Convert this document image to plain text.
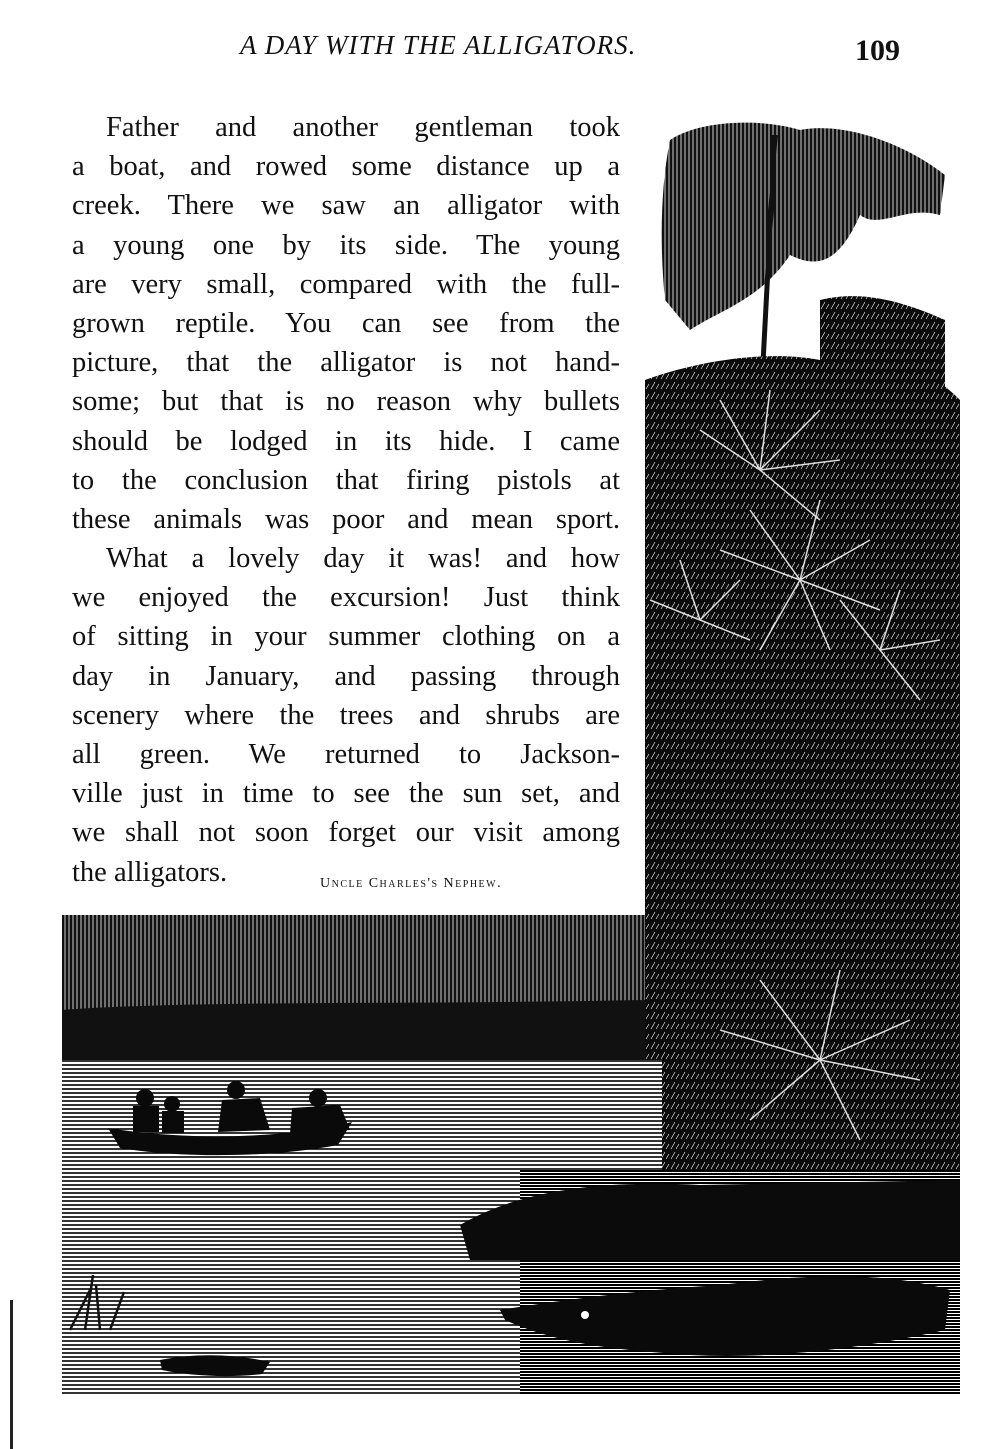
A DAY WITH THE ALLIGATORS.	109
Father and another gentleman took
a boat, and rowed some distance up a
creek. There we saw an alligator with
a young one by its side. The young
are very small, compared with the full-
grown reptile. You can see from the
picture, that the alligator is not hand-
some; but that is no reason why bullets
should be lodged in its hide. I came
to the conclusion that firing pistols at
these animals was poor and mean sport.
What a lovely day it was! and how
we enjoyed the excursion! Just think
of sitting in your summer clothing on a
day in January, and passing through
scenery where the trees and shrubs are
all green. We returned to Jackson-
ville just in time to see the sun set, and
we shall not soon forget our visit among
the alligators.	Uncle Charles's Nephew.
